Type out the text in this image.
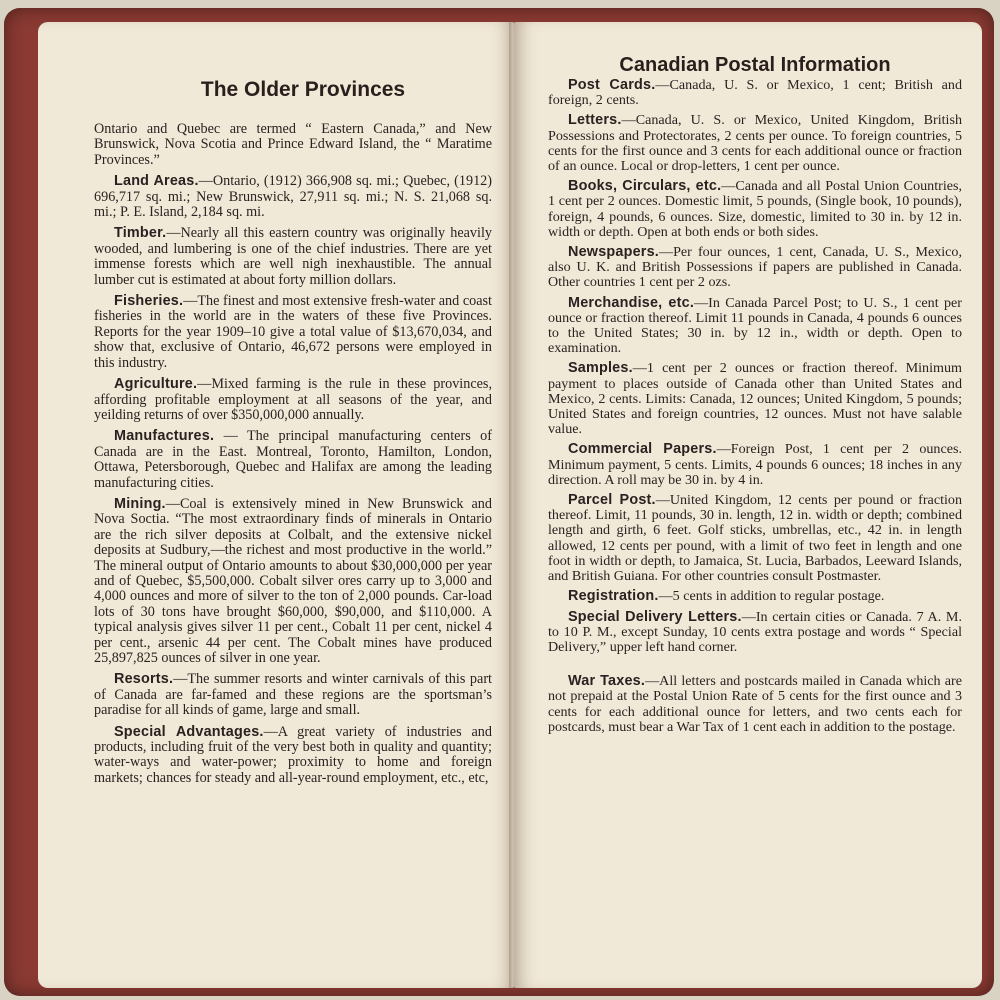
The Older Provinces

Ontario and Quebec are termed “ Eastern Canada,” and New Brunswick, Nova Scotia and Prince Edward Island, the “ Maratime Provinces.”

Land Areas.—Ontario, (1912) 366,908 sq. mi.; Quebec, (1912) 696,717 sq. mi.; New Brunswick, 27,911 sq. mi.; N. S. 21,068 sq. mi.; P. E. Island, 2,184 sq. mi.

Timber.—Nearly all this eastern country was originally heavily wooded, and lumbering is one of the chief industries. There are yet immense forests which are well nigh inexhaustible. The annual lumber cut is estimated at about forty million dollars.

Fisheries.—The finest and most extensive fresh-water and coast fisheries in the world are in the waters of these five Provinces. Reports for the year 1909–10 give a total value of $13,670,034, and show that, exclusive of Ontario, 46,672 persons were employed in this industry.

Agriculture.—Mixed farming is the rule in these provinces, affording profitable employment at all seasons of the year, and yeilding returns of over $350,000,000 annually.

Manufactures. — The principal manufacturing centers of Canada are in the East. Montreal, Toronto, Hamilton, London, Ottawa, Petersborough, Quebec and Halifax are among the leading manufacturing cities.

Mining.—Coal is extensively mined in New Brunswick and Nova Soctia. “The most extraordinary finds of minerals in Ontario are the rich silver deposits at Colbalt, and the extensive nickel deposits at Sudbury,—the richest and most productive in the world.” The mineral output of Ontario amounts to about $30,000,000 per year and of Quebec, $5,500,000. Cobalt silver ores carry up to 3,000 and 4,000 ounces and more of silver to the ton of 2,000 pounds. Car-load lots of 30 tons have brought $60,000, $90,000, and $110,000. A typical analysis gives silver 11 per cent., Cobalt 11 per cent, nickel 4 per cent., arsenic 44 per cent. The Cobalt mines have produced 25,897,825 ounces of silver in one year.

Resorts.—The summer resorts and winter carnivals of this part of Canada are far-famed and these regions are the sportsman’s paradise for all kinds of game, large and small.

Special Advantages.—A great variety of industries and products, including fruit of the very best both in quality and quantity; water-ways and water-power; proximity to home and foreign markets; chances for steady and all-year-round employment, etc., etc,

Canadian Postal Information

Post Cards.—Canada, U. S. or Mexico, 1 cent; British and foreign, 2 cents.

Letters.—Canada, U. S. or Mexico, United Kingdom, British Possessions and Protectorates, 2 cents per ounce. To foreign countries, 5 cents for the first ounce and 3 cents for each additional ounce or fraction of an ounce. Local or drop-letters, 1 cent per ounce.

Books, Circulars, etc.—Canada and all Postal Union Countries, 1 cent per 2 ounces. Domestic limit, 5 pounds, (Single book, 10 pounds), foreign, 4 pounds, 6 ounces. Size, domestic, limited to 30 in. by 12 in. width or depth. Open at both ends or both sides.

Newspapers.—Per four ounces, 1 cent, Canada, U. S., Mexico, also U. K. and British Possessions if papers are published in Canada. Other countries 1 cent per 2 ozs.

Merchandise, etc.—In Canada Parcel Post; to U. S., 1 cent per ounce or fraction thereof. Limit 11 pounds in Canada, 4 pounds 6 ounces to the United States; 30 in. by 12 in., width or depth. Open to examination.

Samples.—1 cent per 2 ounces or fraction thereof. Minimum payment to places outside of Canada other than United States and Mexico, 2 cents. Limits: Canada, 12 ounces; United Kingdom, 5 pounds; United States and foreign countries, 12 ounces. Must not have salable value.

Commercial Papers.—Foreign Post, 1 cent per 2 ounces. Minimum payment, 5 cents. Limits, 4 pounds 6 ounces; 18 inches in any direction. A roll may be 30 in. by 4 in.

Parcel Post.—United Kingdom, 12 cents per pound or fraction thereof. Limit, 11 pounds, 30 in. length, 12 in. width or depth; combined length and girth, 6 feet. Golf sticks, umbrellas, etc., 42 in. in length allowed, 12 cents per pound, with a limit of two feet in length and one foot in width or depth, to Jamaica, St. Lucia, Barbados, Leeward Islands, and British Guiana. For other countries consult Postmaster.

Registration.—5 cents in addition to regular postage.

Special Delivery Letters.—In certain cities or Canada. 7 A. M. to 10 P. M., except Sunday, 10 cents extra postage and words “ Special Delivery,” upper left hand corner.

War Taxes.—All letters and postcards mailed in Canada which are not prepaid at the Postal Union Rate of 5 cents for the first ounce and 3 cents for each additional ounce for letters, and two cents each for postcards, must bear a War Tax of 1 cent each in addition to the postage.
